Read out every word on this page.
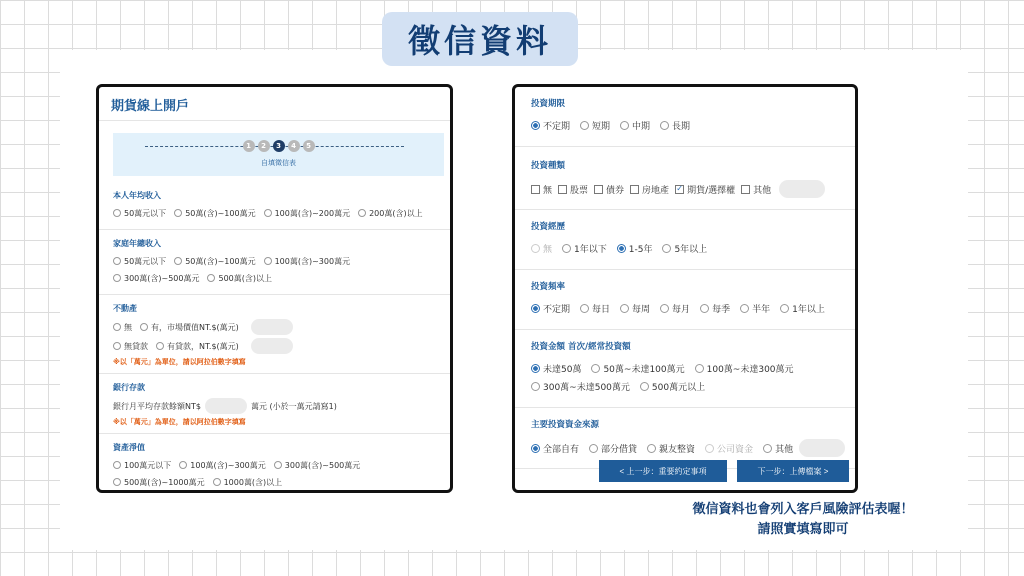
徵信資料
期貨線上開戶
1	2	3	4	5
自填徵信表
本人年均收入
50萬元以下 50萬(含)~100萬元 100萬(含)~200萬元 200萬(含)以上
家庭年總收入
50萬元以下 50萬(含)~100萬元 100萬(含)~300萬元
300萬(含)~500萬元 500萬(含)以上
不動產
無 有，市場價值NT.$(萬元)
無貸款 有貸款，NT.$(萬元)
※以「萬元」為單位，請以阿拉伯數字填寫
銀行存款
銀行月平均存款餘額NT$	萬元 (小於一萬元請寫1)
※以「萬元」為單位，請以阿拉伯數字填寫
資產淨值
100萬元以下 100萬(含)~300萬元 300萬(含)~500萬元
500萬(含)~1000萬元 1000萬(含)以上
投資期限
不定期 短期 中期 長期
投資種類
無 股票 債券 房地產 ✓ 期貨/選擇權 其他
投資經歷
無 1年以下 1-5年 5年以上
投資頻率
不定期 每日 每周 每月 每季 半年 1年以上
投資金額 首次/經常投資額
未達50萬 50萬~未達100萬元 100萬~未達300萬元
300萬~未達500萬元 500萬元以上
主要投資資金來源
全部自有 部分借貸 親友整資 公司資金 其他
< 上一步：重要約定事項	下一步：上傳檔案 >
徵信資料也會列入客戶風險評估表喔！
請照實填寫即可
